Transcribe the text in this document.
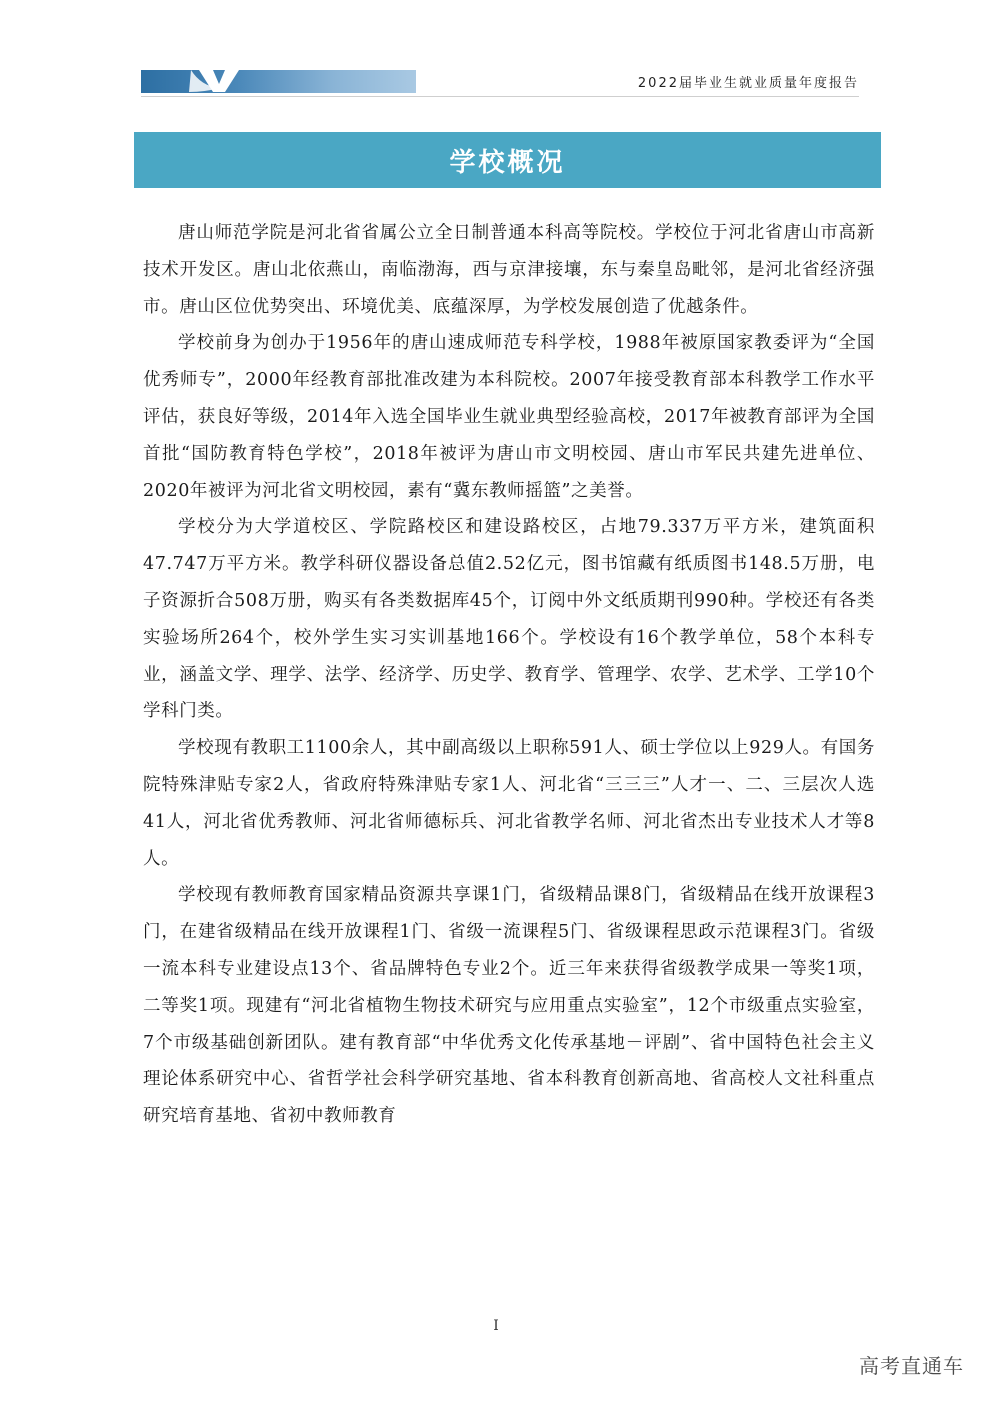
2022届毕业生就业质量年度报告
学校概况

唐山师范学院是河北省省属公立全日制普通本科高等院校。学校位于河北省唐山市高新技术开发区。唐山北依燕山，南临渤海，西与京津接壤，东与秦皇岛毗邻，是河北省经济强市。唐山区位优势突出、环境优美、底蕴深厚，为学校发展创造了优越条件。

学校前身为创办于1956年的唐山速成师范专科学校，1988年被原国家教委评为“全国优秀师专”，2000年经教育部批准改建为本科院校。2007年接受教育部本科教学工作水平评估，获良好等级，2014年入选全国毕业生就业典型经验高校，2017年被教育部评为全国首批“国防教育特色学校”，2018年被评为唐山市文明校园、唐山市军民共建先进单位、2020年被评为河北省文明校园，素有“冀东教师摇篮”之美誉。

学校分为大学道校区、学院路校区和建设路校区，占地79.337万平方米，建筑面积47.747万平方米。教学科研仪器设备总值2.52亿元，图书馆藏有纸质图书148.5万册，电子资源折合508万册，购买有各类数据库45个，订阅中外文纸质期刊990种。学校还有各类实验场所264个，校外学生实习实训基地166个。学校设有16个教学单位，58个本科专业，涵盖文学、理学、法学、经济学、历史学、教育学、管理学、农学、艺术学、工学10个学科门类。

学校现有教职工1100余人，其中副高级以上职称591人、硕士学位以上929人。有国务院特殊津贴专家2人，省政府特殊津贴专家1人、河北省“三三三”人才一、二、三层次人选41人，河北省优秀教师、河北省师德标兵、河北省教学名师、河北省杰出专业技术人才等8人。

学校现有教师教育国家精品资源共享课1门，省级精品课8门，省级精品在线开放课程3门，在建省级精品在线开放课程1门、省级一流课程5门、省级课程思政示范课程3门。省级一流本科专业建设点13个、省品牌特色专业2个。近三年来获得省级教学成果一等奖1项，二等奖1项。现建有“河北省植物生物技术研究与应用重点实验室”，12个市级重点实验室，7个市级基础创新团队。建有教育部“中华优秀文化传承基地－评剧”、省中国特色社会主义理论体系研究中心、省哲学社会科学研究基地、省本科教育创新高地、省高校人文社科重点研究培育基地、省初中教师教育

I
高考直通车
